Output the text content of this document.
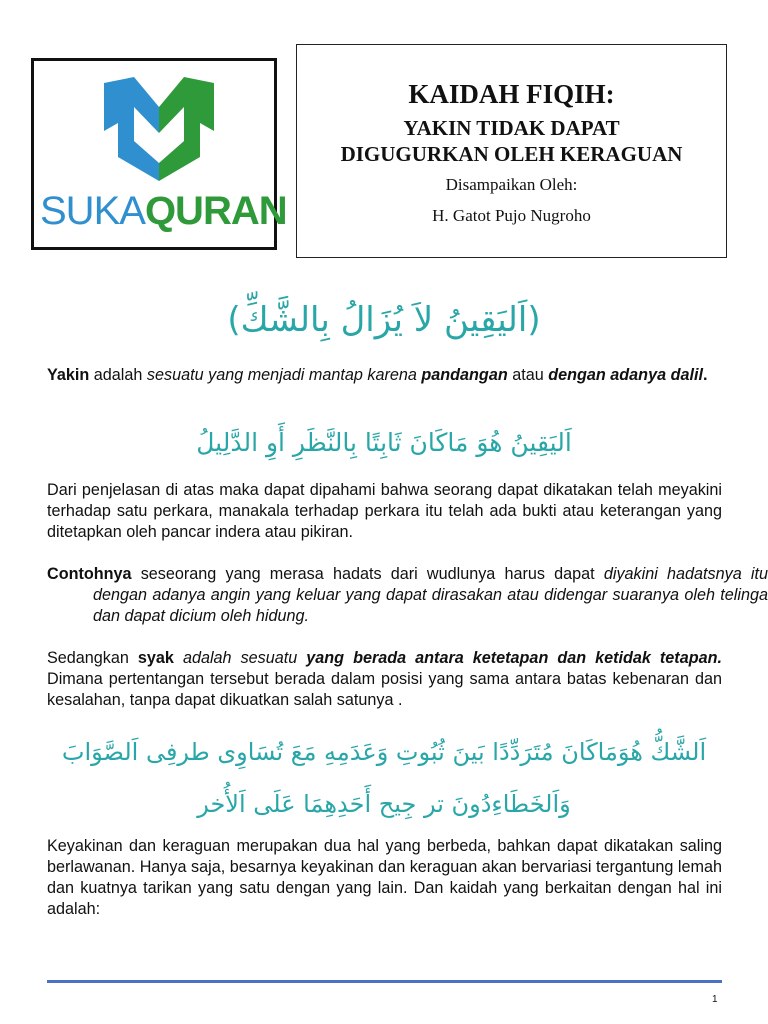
SUKAQURAN
KAIDAH FIQIH:
YAKIN TIDAK DAPAT
DIGUGURKAN OLEH KERAGUAN
Disampaikan Oleh:
H. Gatot Pujo Nugroho
(اَليَقِينُ لاَ يُزَالُ بِالشَّكِّ)
Yakin adalah sesuatu yang menjadi mantap karena pandangan atau dengan adanya dalil.
اَليَقِينُ هُوَ مَاكَانَ ثَابِتًا بِالنَّظَرِ أَوِ الدَّلِيلُ
Dari penjelasan di atas maka dapat dipahami bahwa seorang dapat dikatakan telah meyakini terhadap satu perkara, manakala terhadap perkara itu telah ada bukti atau keterangan yang ditetapkan oleh pancar indera atau pikiran.
Contohnya seseorang yang merasa hadats dari wudlunya harus dapat diyakini hadatsnya itu dengan adanya angin yang keluar yang dapat dirasakan atau didengar suaranya oleh telinga dan dapat dicium oleh hidung.
Sedangkan syak adalah sesuatu yang berada antara ketetapan dan ketidak tetapan. Dimana pertentangan tersebut berada dalam posisi yang sama antara batas kebenaran dan kesalahan, tanpa dapat dikuatkan salah satunya .
اَلشَّكُّ هُوَمَاكَانَ مُتَرَدِّدًا بَينَ ثُبُوتِ وَعَدَمِهِ مَعَ تُسَاوِى طرفِى اَلصَّوَابَ
وَاَلخَطَاءِدُونَ تر جِيح أَحَدِهِمَا عَلَى اَلأُخر
Keyakinan dan keraguan merupakan dua hal yang berbeda, bahkan dapat dikatakan saling berlawanan. Hanya saja, besarnya keyakinan dan keraguan akan bervariasi tergantung lemah dan kuatnya tarikan yang satu dengan yang lain. Dan kaidah yang berkaitan dengan hal ini adalah:
1
